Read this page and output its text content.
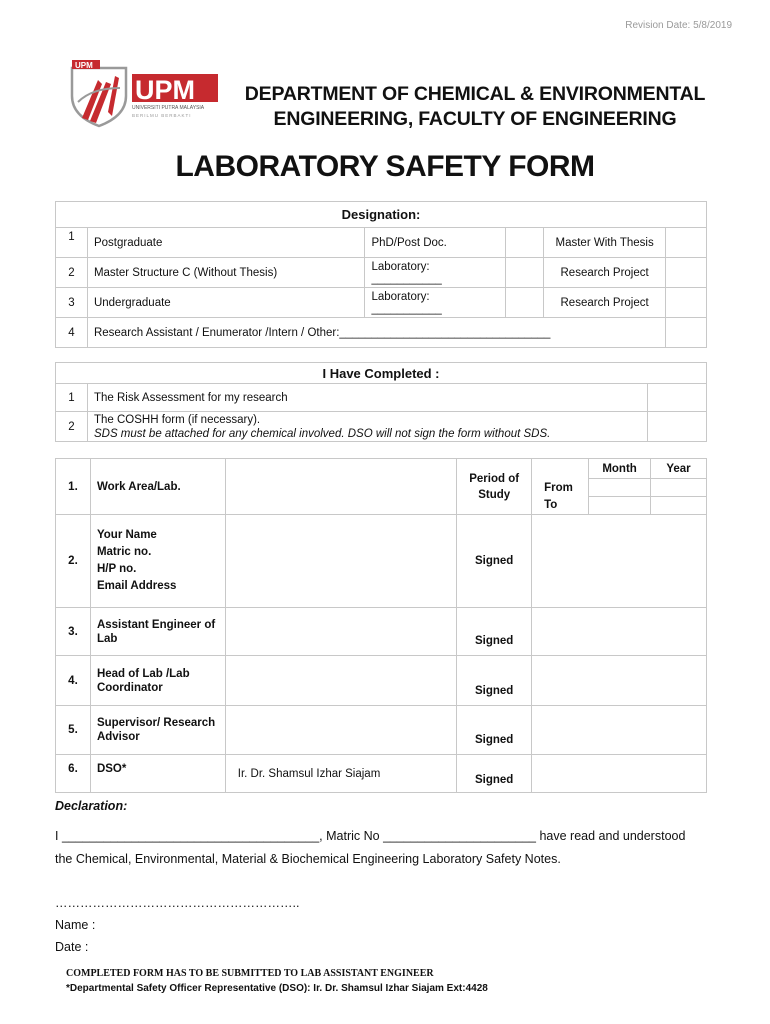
Revision Date: 5/8/2019
UPM
UPM
UNIVERSITI PUTRA MALAYSIA
BERILMU BERBAKTI
DEPARTMENT OF CHEMICAL & ENVIRONMENTAL
ENGINEERING, FACULTY OF ENGINEERING
LABORATORY SAFETY FORM
Designation:					
1	Postgraduate	PhD/Post Doc.		Master With Thesis	
2	Master Structure C (Without Thesis)	Laboratory: ___________		Research Project	
3	Undergraduate	Laboratory: ___________		Research Project	
4	Research Assistant / Enumerator /Intern / Other:_________________________________				
I Have Completed :		
1	The Risk Assessment for my research	
2	The COSHH form (if necessary).
SDS must be attached for any chemical involved. DSO will not sign the form without SDS.	

1.	Work Area/Lab.		Period of Study		Month	Year
				From		
				To		
2.	Your Name
Matric no.
H/P no.
Email Address		Signed			
3.	Assistant Engineer of Lab		Signed			
4.	Head of Lab /Lab Coordinator		Signed			
5.	Supervisor/ Research Advisor		Signed			
6.	DSO*	Ir. Dr. Shamsul Izhar Siajam	Signed			
Declaration:
I _____________________________________, Matric No ______________________ have read and understood
the Chemical, Environmental, Material & Biochemical Engineering Laboratory Safety Notes.
…………………………………………………..
Name :
Date :
COMPLETED FORM HAS TO BE SUBMITTED TO LAB ASSISTANT ENGINEER
*Departmental Safety Officer Representative (DSO): Ir. Dr. Shamsul Izhar Siajam Ext:4428
